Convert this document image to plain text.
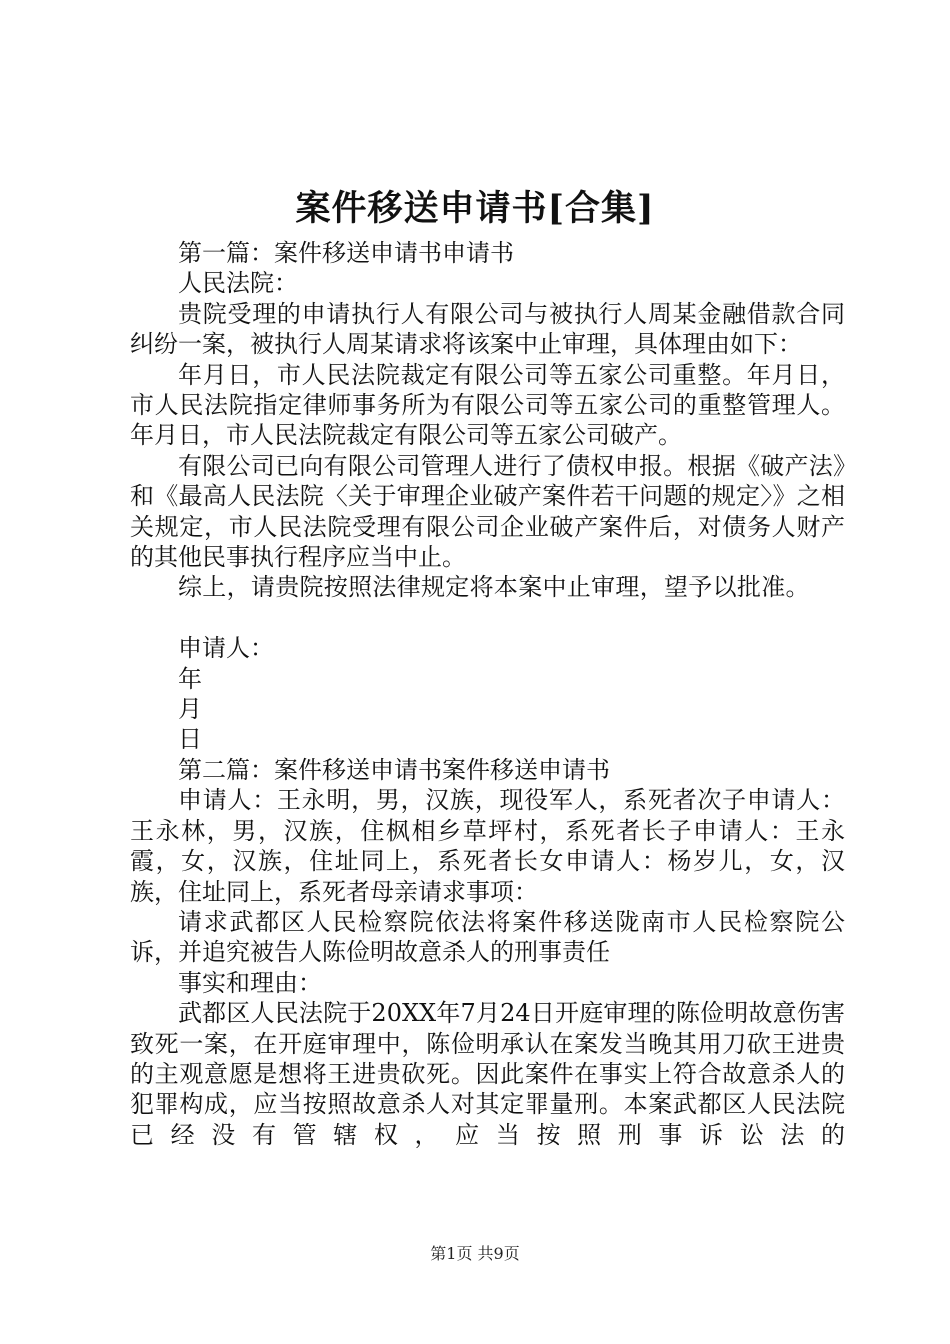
案件移送申请书[合集]

第一篇：案件移送申请书申请书

人民法院：

贵院受理的申请执行人有限公司与被执行人周某金融借款合同纠纷一案，被执行人周某请求将该案中止审理，具体理由如下：

年月日，市人民法院裁定有限公司等五家公司重整。年月日，市人民法院指定律师事务所为有限公司等五家公司的重整管理人。年月日，市人民法院裁定有限公司等五家公司破产。

有限公司已向有限公司管理人进行了债权申报。根据《破产法》和《最高人民法院〈关于审理企业破产案件若干问题的规定〉》之相关规定，市人民法院受理有限公司企业破产案件后，对债务人财产的其他民事执行程序应当中止。

综上，请贵院按照法律规定将本案中止审理，望予以批准。

申请人：

年

月

日

第二篇：案件移送申请书案件移送申请书

申请人：王永明，男，汉族，现役军人，系死者次子申请人：王永林，男，汉族，住枫相乡草坪村，系死者长子申请人：王永霞，女，汉族，住址同上，系死者长女申请人：杨岁儿，女，汉族，住址同上，系死者母亲请求事项：

请求武都区人民检察院依法将案件移送陇南市人民检察院公诉，并追究被告人陈俭明故意杀人的刑事责任

事实和理由：

武都区人民法院于20XX年7月24日开庭审理的陈俭明故意伤害致死一案，在开庭审理中，陈俭明承认在案发当晚其用刀砍王进贵的主观意愿是想将王进贵砍死。因此案件在事实上符合故意杀人的犯罪构成，应当按照故意杀人对其定罪量刑。本案武都区人民法院已经没有管辖权，应当按照刑事诉讼法的

第1页 共9页
